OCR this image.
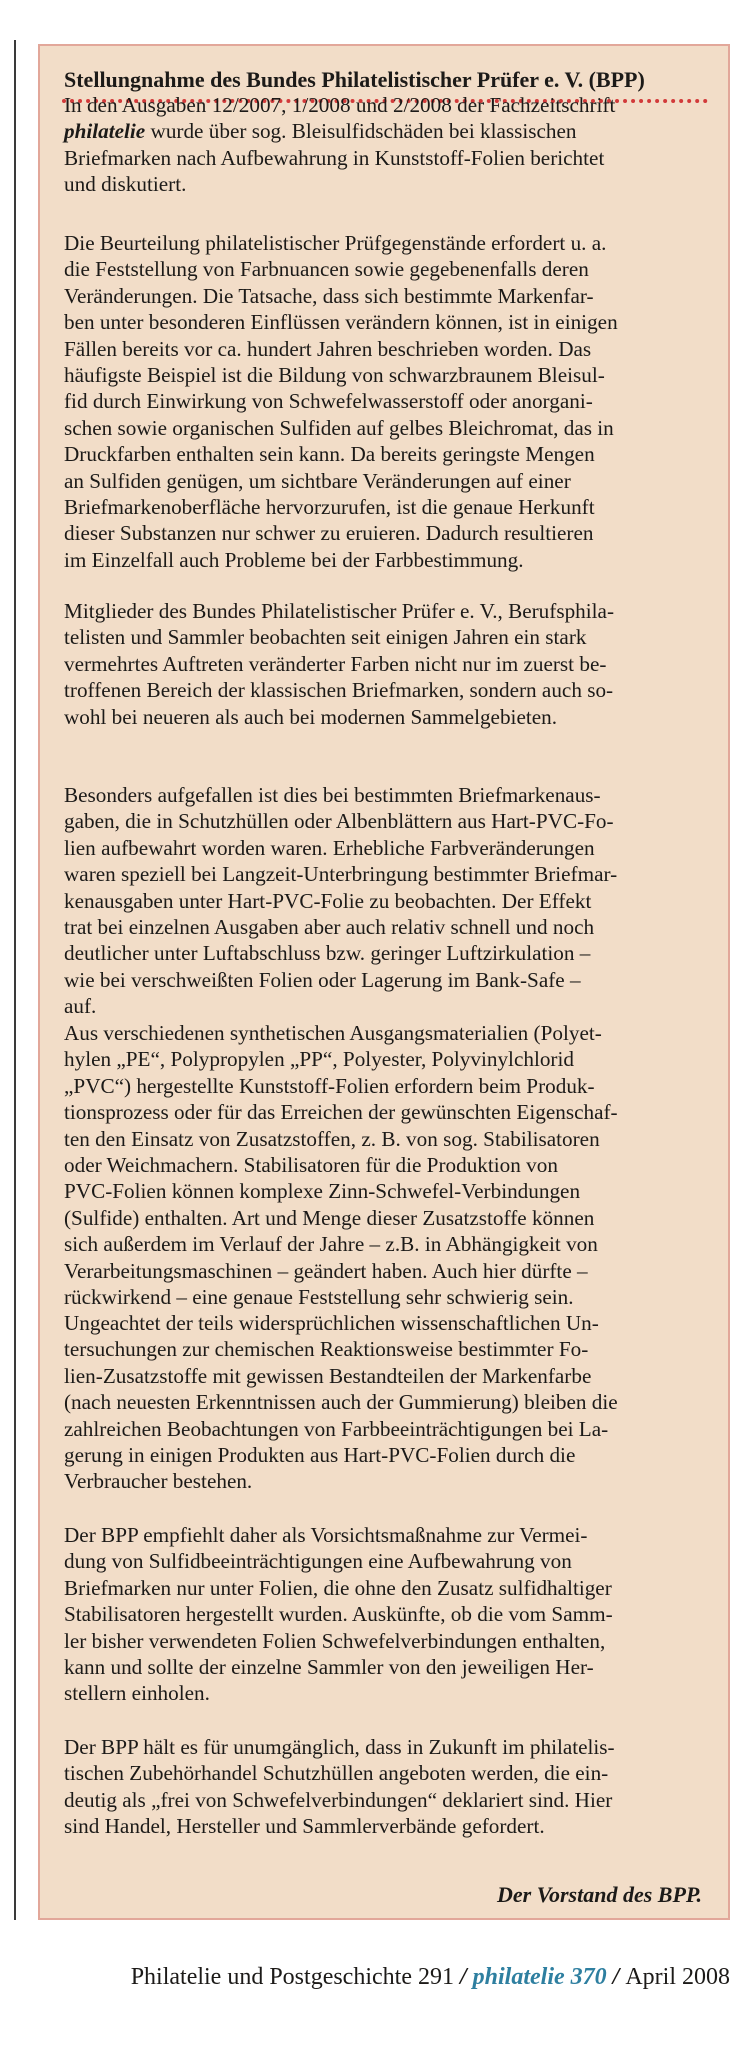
Stellungnahme des Bundes Philatelistischer Prüfer e. V. (BPP)
In den Ausgaben 12/2007, 1/2008 und 2/2008 der Fachzeitschrift
philatelie wurde über sog. Bleisulfidschäden bei klassischen
Briefmarken nach Aufbewahrung in Kunststoff-Folien berichtet
und diskutiert.
Die Beurteilung philatelistischer Prüfgegenstände erfordert u. a.
die Feststellung von Farbnuancen sowie gegebenenfalls deren
Veränderungen. Die Tatsache, dass sich bestimmte Markenfar-
ben unter besonderen Einflüssen verändern können, ist in einigen
Fällen bereits vor ca. hundert Jahren beschrieben worden. Das
häufigste Beispiel ist die Bildung von schwarzbraunem Bleisul-
fid durch Einwirkung von Schwefelwasserstoff oder anorgani-
schen sowie organischen Sulfiden auf gelbes Bleichromat, das in
Druckfarben enthalten sein kann. Da bereits geringste Mengen
an Sulfiden genügen, um sichtbare Veränderungen auf einer
Briefmarkenoberfläche hervorzurufen, ist die genaue Herkunft
dieser Substanzen nur schwer zu eruieren. Dadurch resultieren
im Einzelfall auch Probleme bei der Farbbestimmung.
Mitglieder des Bundes Philatelistischer Prüfer e. V., Berufsphila-
telisten und Sammler beobachten seit einigen Jahren ein stark
vermehrtes Auftreten veränderter Farben nicht nur im zuerst be-
troffenen Bereich der klassischen Briefmarken, sondern auch so-
wohl bei neueren als auch bei modernen Sammelgebieten.
Besonders aufgefallen ist dies bei bestimmten Briefmarkenaus-
gaben, die in Schutzhüllen oder Albenblättern aus Hart-PVC-Fo-
lien aufbewahrt worden waren. Erhebliche Farbveränderungen
waren speziell bei Langzeit-Unterbringung bestimmter Briefmar-
kenausgaben unter Hart-PVC-Folie zu beobachten. Der Effekt
trat bei einzelnen Ausgaben aber auch relativ schnell und noch
deutlicher unter Luftabschluss bzw. geringer Luftzirkulation –
wie bei verschweißten Folien oder Lagerung im Bank-Safe –
auf.
Aus verschiedenen synthetischen Ausgangsmaterialien (Polyet-
hylen „PE“, Polypropylen „PP“, Polyester, Polyvinylchlorid
„PVC“) hergestellte Kunststoff-Folien erfordern beim Produk-
tionsprozess oder für das Erreichen der gewünschten Eigenschaf-
ten den Einsatz von Zusatzstoffen, z. B. von sog. Stabilisatoren
oder Weichmachern. Stabilisatoren für die Produktion von
PVC-Folien können komplexe Zinn-Schwefel-Verbindungen
(Sulfide) enthalten. Art und Menge dieser Zusatzstoffe können
sich außerdem im Verlauf der Jahre – z.B. in Abhängigkeit von
Verarbeitungsmaschinen – geändert haben. Auch hier dürfte –
rückwirkend – eine genaue Feststellung sehr schwierig sein.
Ungeachtet der teils widersprüchlichen wissenschaftlichen Un-
tersuchungen zur chemischen Reaktionsweise bestimmter Fo-
lien-Zusatzstoffe mit gewissen Bestandteilen der Markenfarbe
(nach neuesten Erkenntnissen auch der Gummierung) bleiben die
zahlreichen Beobachtungen von Farbbeeinträchtigungen bei La-
gerung in einigen Produkten aus Hart-PVC-Folien durch die
Verbraucher bestehen.
Der BPP empfiehlt daher als Vorsichtsmaßnahme zur Vermei-
dung von Sulfidbeeinträchtigungen eine Aufbewahrung von
Briefmarken nur unter Folien, die ohne den Zusatz sulfidhaltiger
Stabilisatoren hergestellt wurden. Auskünfte, ob die vom Samm-
ler bisher verwendeten Folien Schwefelverbindungen enthalten,
kann und sollte der einzelne Sammler von den jeweiligen Her-
stellern einholen.
Der BPP hält es für unumgänglich, dass in Zukunft im philatelis-
tischen Zubehörhandel Schutzhüllen angeboten werden, die ein-
deutig als „frei von Schwefelverbindungen“ deklariert sind. Hier
sind Handel, Hersteller und Sammlerverbände gefordert.
Der Vorstand des BPP.
Philatelie und Postgeschichte 291 / philatelie 370 / April 2008
